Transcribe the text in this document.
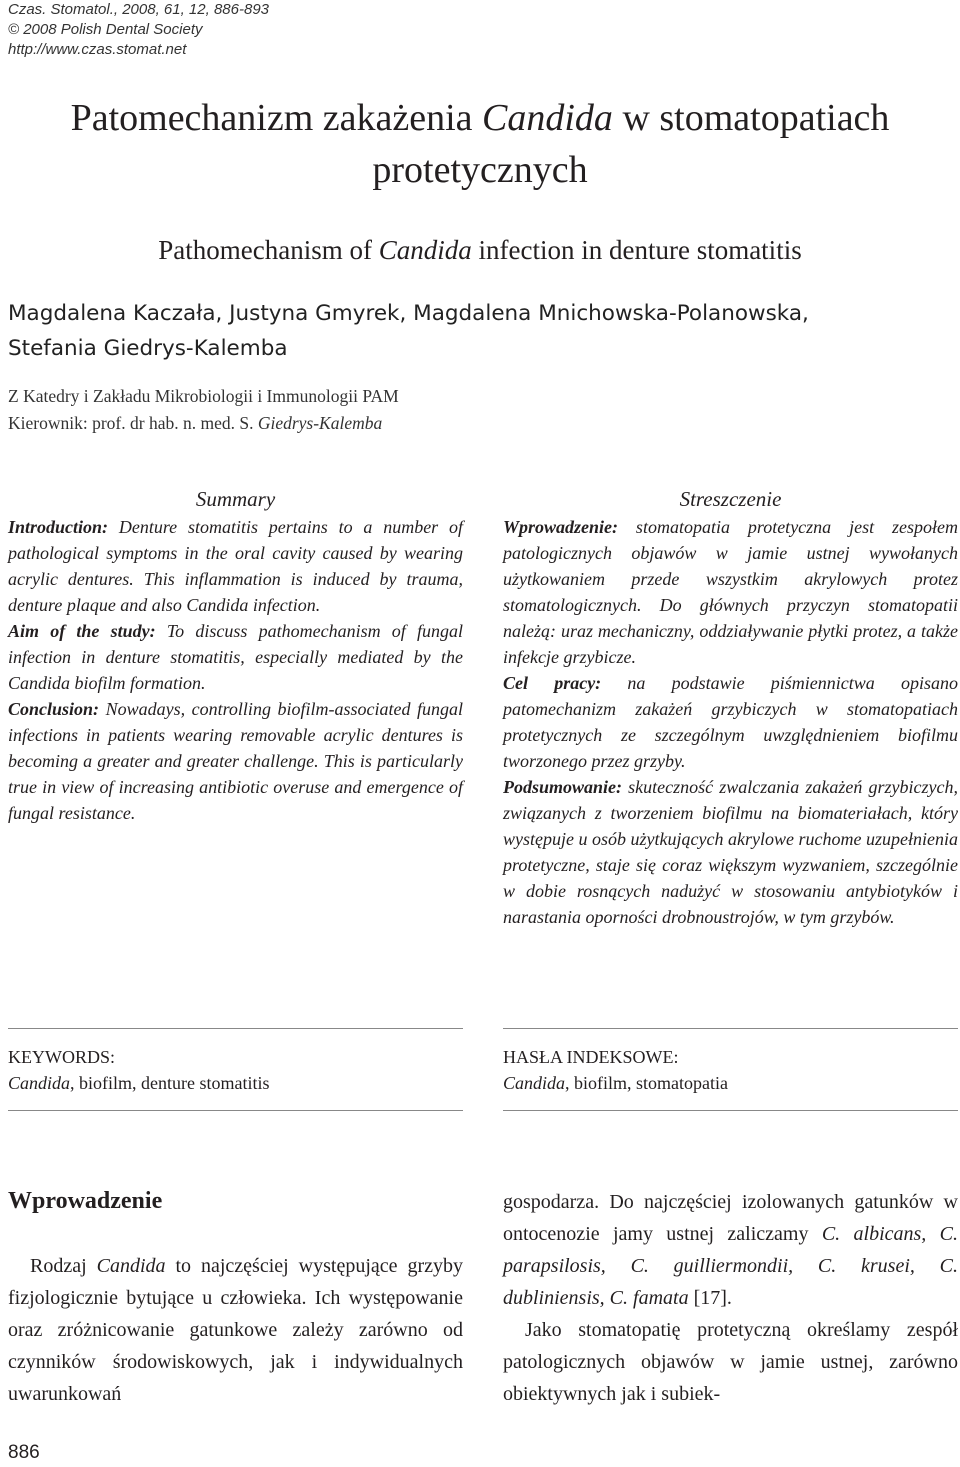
Czas. Stomatol., 2008, 61, 12, 886-893
© 2008 Polish Dental Society
http://www.czas.stomat.net
Patomechanizm zakażenia Candida w stomatopatiach
protetycznych
Pathomechanism of Candida infection in denture stomatitis
Magdalena Kaczała, Justyna Gmyrek, Magdalena Mnichowska-Polanowska,
Stefania Giedrys-Kalemba
Z Katedry i Zakładu Mikrobiologii i Immunologii PAM
Kierownik: prof. dr hab. n. med. S. Giedrys-Kalemba
Summary

Introduction: Denture stomatitis pertains to a number of pathological symptoms in the oral cavity caused by wearing acrylic dentures. This inflammation is induced by trauma, denture plaque and also Candida infection.

Aim of the study: To discuss pathomechanism of fungal infection in denture stomatitis, especially mediated by the Candida biofilm formation.

Conclusion: Nowadays, controlling biofilm-associated fungal infections in patients wearing removable acrylic dentures is becoming a greater and greater challenge. This is particularly true in view of increasing antibiotic overuse and emergence of fungal resistance.

Streszczenie

Wprowadzenie: stomatopatia protetyczna jest zespołem patologicznych objawów w jamie ustnej wywołanych użytkowaniem przede wszystkim akrylowych protez stomatologicznych. Do głównych przyczyn stomatopatii należą: uraz mechaniczny, oddziaływanie płytki protez, a także infekcje grzybicze.

Cel pracy: na podstawie piśmiennictwa opisano patomechanizm zakażeń grzybiczych w stomatopatiach protetycznych ze szczególnym uwzględnieniem biofilmu tworzonego przez grzyby.

Podsumowanie: skuteczność zwalczania zakażeń grzybiczych, związanych z tworzeniem biofilmu na biomateriałach, który występuje u osób użytkujących akrylowe ruchome uzupełnienia protetyczne, staje się coraz większym wyzwaniem, szczególnie w dobie rosnących nadużyć w stosowaniu antybiotyków i narastania oporności drobnoustrojów, w tym grzybów.

KEYWORDS:
Candida, biofilm, denture stomatitis
HASŁA INDEKSOWE:
Candida, biofilm, stomatopatia
Wprowadzenie

Rodzaj Candida to najczęściej występujące grzyby fizjologicznie bytujące u człowieka. Ich występowanie oraz zróżnicowanie gatunkowe zależy zarówno od czynników środowiskowych, jak i indywidualnych uwarunkowań

gospodarza. Do najczęściej izolowanych gatunków w ontocenozie jamy ustnej zaliczamy C. albicans, C. parapsilosis, C. guilliermondii, C. krusei, C. dubliniensis, C. famata [17].

Jako stomatopatię protetyczną określamy zespół patologicznych objawów w jamie ustnej, zarówno obiektywnych jak i subiek-

886
